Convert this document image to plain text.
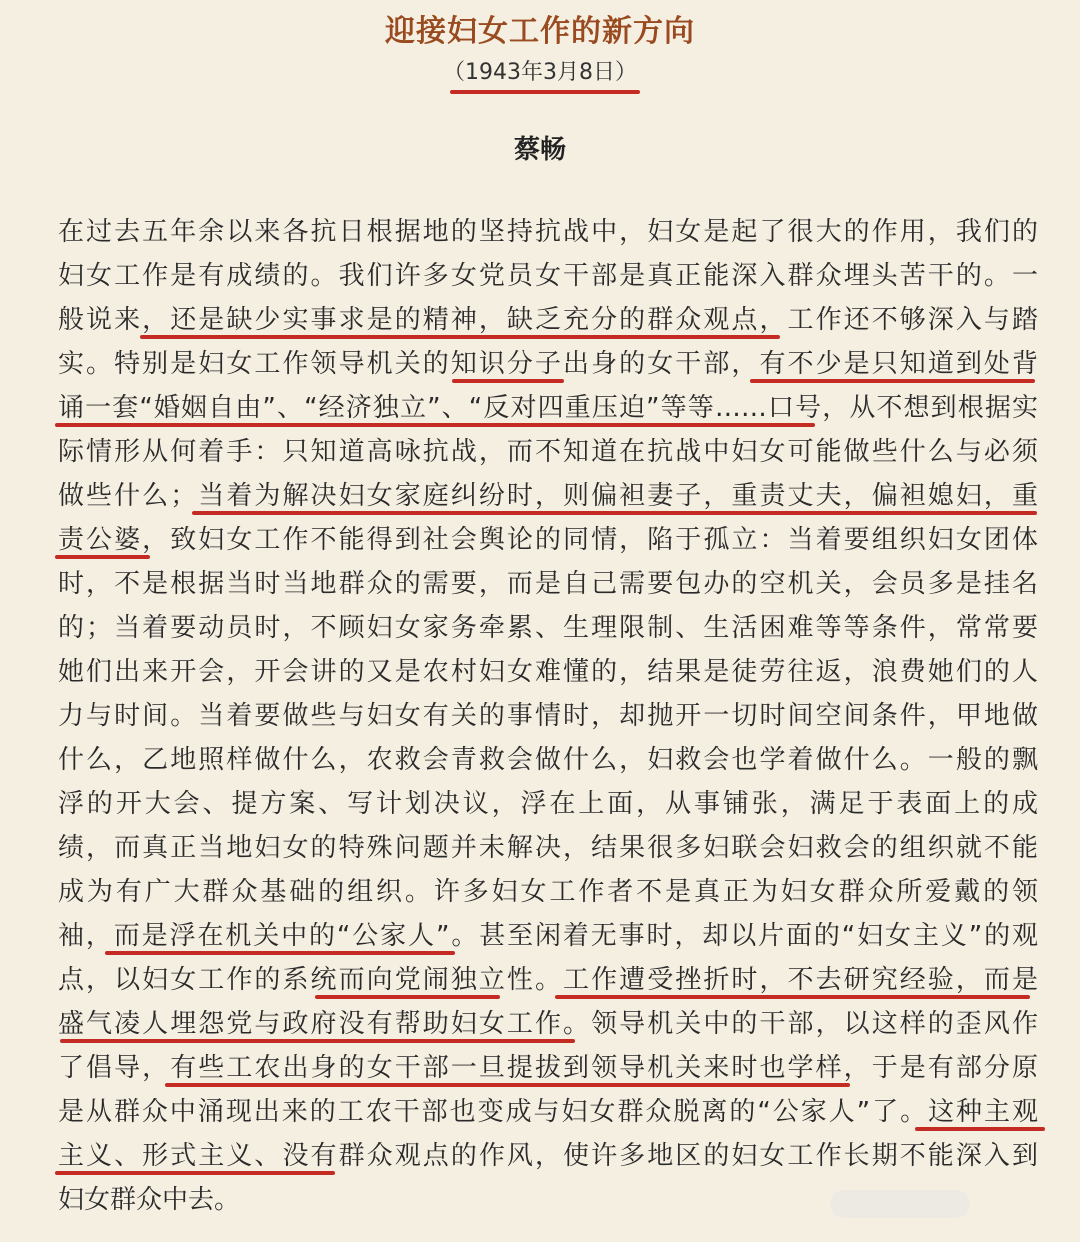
迎接妇女工作的新方向
（1943年3月8日）
蔡畅
在过去五年余以来各抗日根据地的坚持抗战中，妇女是起了很大的作用，我们的
妇女工作是有成绩的。我们许多女党员女干部是真正能深入群众埋头苦干的。一
般说来，还是缺少实事求是的精神，缺乏充分的群众观点，工作还不够深入与踏
实。特别是妇女工作领导机关的知识分子出身的女干部，有不少是只知道到处背
诵一套“婚姻自由”、“经济独立”、“反对四重压迫”等等……口号，从不想到根据实
际情形从何着手：只知道高咏抗战，而不知道在抗战中妇女可能做些什么与必须
做些什么；当着为解决妇女家庭纠纷时，则偏袒妻子，重责丈夫，偏袒媳妇，重
责公婆，致妇女工作不能得到社会舆论的同情，陷于孤立：当着要组织妇女团体
时，不是根据当时当地群众的需要，而是自己需要包办的空机关，会员多是挂名
的；当着要动员时，不顾妇女家务牵累、生理限制、生活困难等等条件，常常要
她们出来开会，开会讲的又是农村妇女难懂的，结果是徒劳往返，浪费她们的人
力与时间。当着要做些与妇女有关的事情时，却抛开一切时间空间条件，甲地做
什么，乙地照样做什么，农救会青救会做什么，妇救会也学着做什么。一般的飘
浮的开大会、提方案、写计划决议，浮在上面，从事铺张，满足于表面上的成
绩，而真正当地妇女的特殊问题并未解决，结果很多妇联会妇救会的组织就不能
成为有广大群众基础的组织。许多妇女工作者不是真正为妇女群众所爱戴的领
袖，而是浮在机关中的“公家人”。甚至闲着无事时，却以片面的“妇女主义”的观
点，以妇女工作的系统而向党闹独立性。工作遭受挫折时，不去研究经验，而是
盛气凌人埋怨党与政府没有帮助妇女工作。领导机关中的干部，以这样的歪风作
了倡导，有些工农出身的女干部一旦提拔到领导机关来时也学样，于是有部分原
是从群众中涌现出来的工农干部也变成与妇女群众脱离的“公家人”了。这种主观
主义、形式主义、没有群众观点的作风，使许多地区的妇女工作长期不能深入到
妇女群众中去。
